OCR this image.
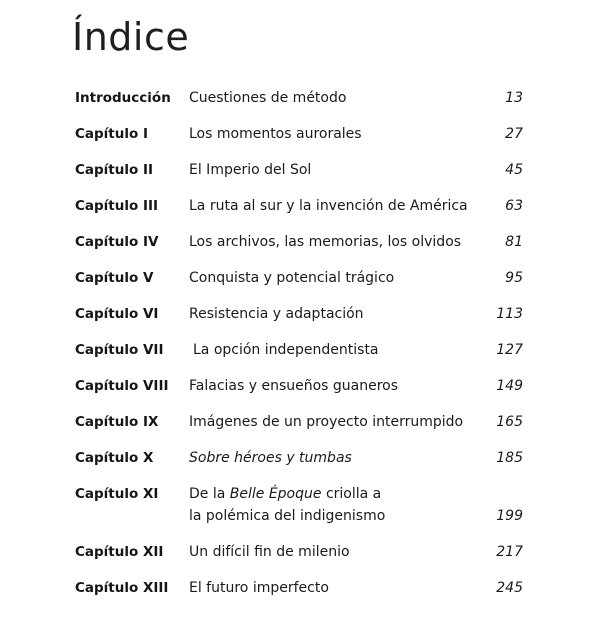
Índice
Introducción Cuestiones de método	13
Capítulo I	Los momentos aurorales	27
Capítulo II	El Imperio del Sol	45
Capítulo III La ruta al sur y la invención de América	63
Capítulo IV Los archivos, las memorias, los olvidos	81
Capítulo V	Conquista y potencial trágico	95
Capítulo VI Resistencia y adaptación	113
Capítulo VII La opción independentista	127
Capítulo VIII Falacias y ensueños guaneros	149
Capítulo IX Imágenes de un proyecto interrumpido 165
Capítulo X	Sobre héroes y tumbas	185
Capítulo XI De la Belle Époque criolla a
la polémica del indigenismo	199
Capítulo XII Un difícil fin de milenio	217
Capítulo XIII El futuro imperfecto	245
